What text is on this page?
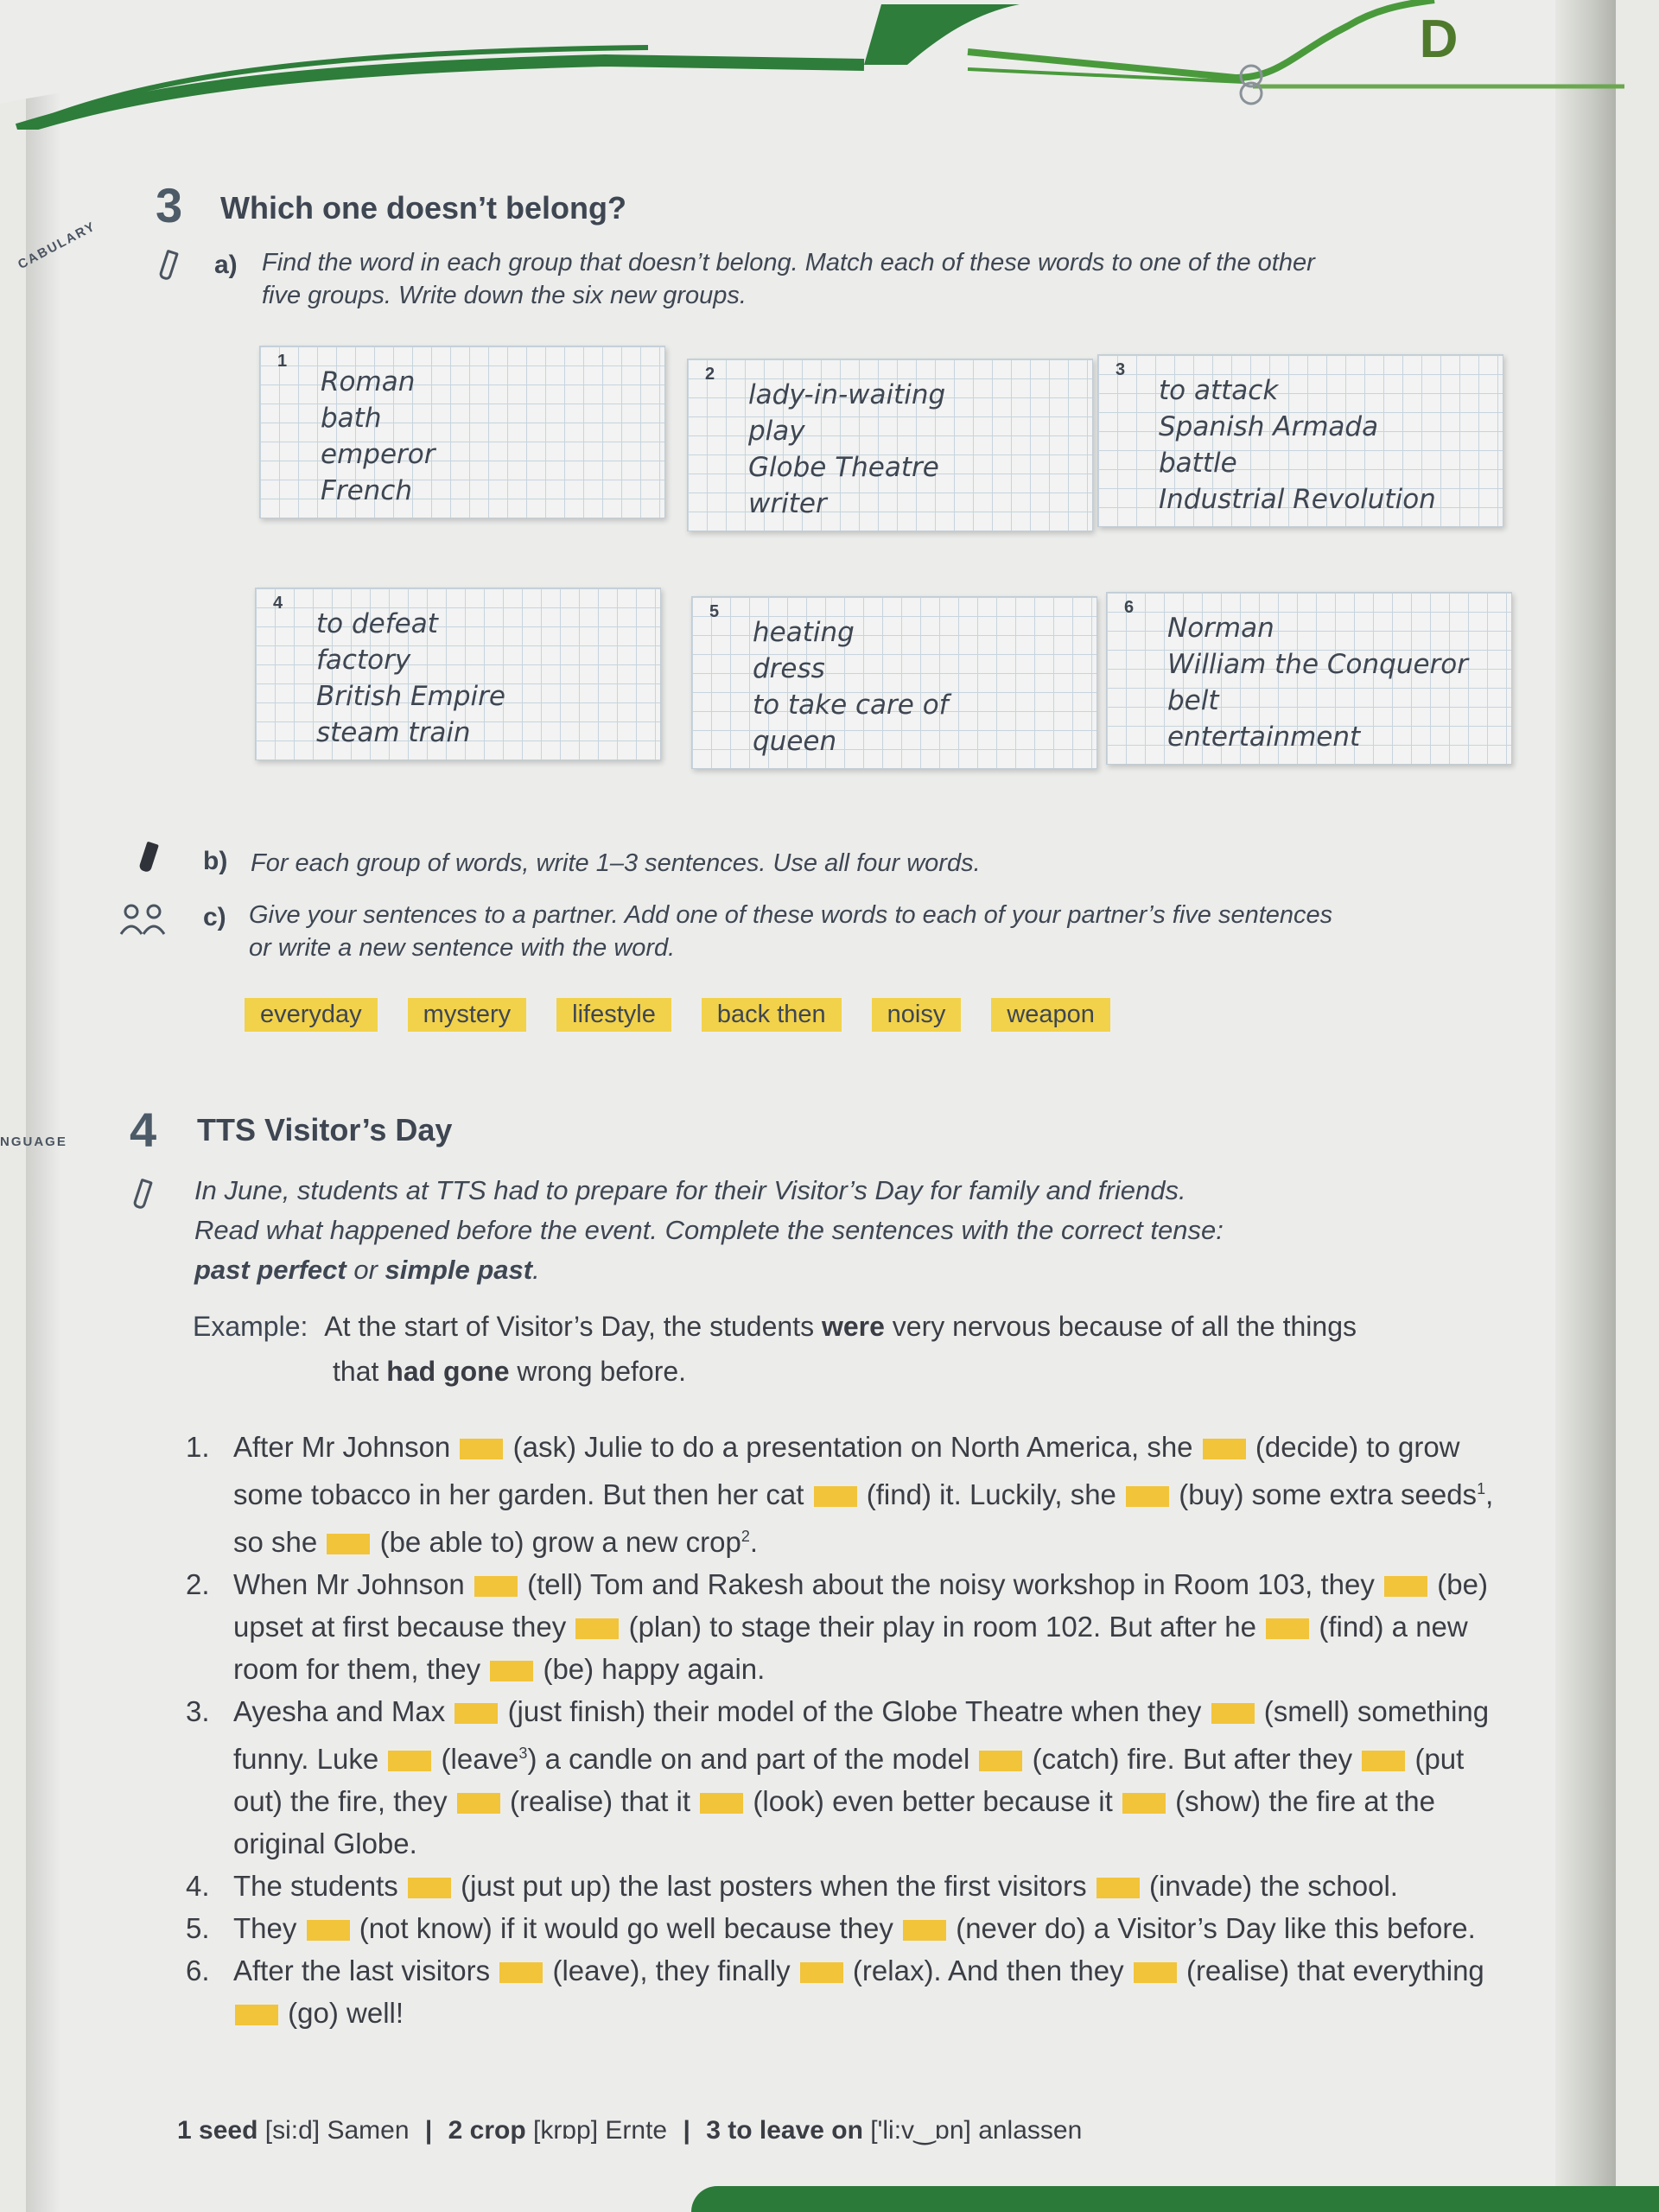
D
CABULARY
NGUAGE
3 Which one doesn’t belong?
a) Find the word in each group that doesn’t belong. Match each of these words to one of the other
five groups. Write down the six new groups.
1
Roman
bath
emperor
French
2
lady-in-waiting
play
Globe Theatre
writer
3
to attack
Spanish Armada
battle
Industrial Revolution
4
to defeat
factory
British Empire
steam train
5
heating
dress
to take care of
queen
6
Norman
William the Conqueror
belt
entertainment
b) For each group of words, write 1–3 sentences. Use all four words.
c) Give your sentences to a partner. Add one of these words to each of your partner’s five sentences
or write a new sentence with the word.
everyday	mystery	lifestyle	back then	noisy	weapon
4 TTS Visitor’s Day
In June, students at TTS had to prepare for their Visitor’s Day for family and friends.
Read what happened before the event. Complete the sentences with the correct tense:
past perfect or simple past.
Example: At the start of Visitor’s Day, the students were very nervous because of all the things
that had gone wrong before.
1. After Mr Johnson (ask) Julie to do a presentation on North America, she (decide) to grow some tobacco in her garden. But then her cat (find) it. Luckily, she (buy) some extra seeds$^1$, so she (be able to) grow a new crop$^2$.
2. When Mr Johnson (tell) Tom and Rakesh about the noisy workshop in Room 103, they (be) upset at first because they (plan) to stage their play in room 102. But after he (find) a new room for them, they (be) happy again.
3. Ayesha and Max (just finish) their model of the Globe Theatre when they (smell) something funny. Luke (leave$^3$) a candle on and part of the model (catch) fire. But after they (put out) the fire, they (realise) that it (look) even better because it (show) the fire at the original Globe.
4. The students (just put up) the last posters when the first visitors (invade) the school.
5. They (not know) if it would go well because they (never do) a Visitor’s Day like this before.
6. After the last visitors (leave), they finally (relax). And then they (realise) that everything  (go) well!
1 seed [si:d] Samen | 2 crop [krɒp] Ernte | 3 to leave on ['li:v‿ɒn] anlassen
